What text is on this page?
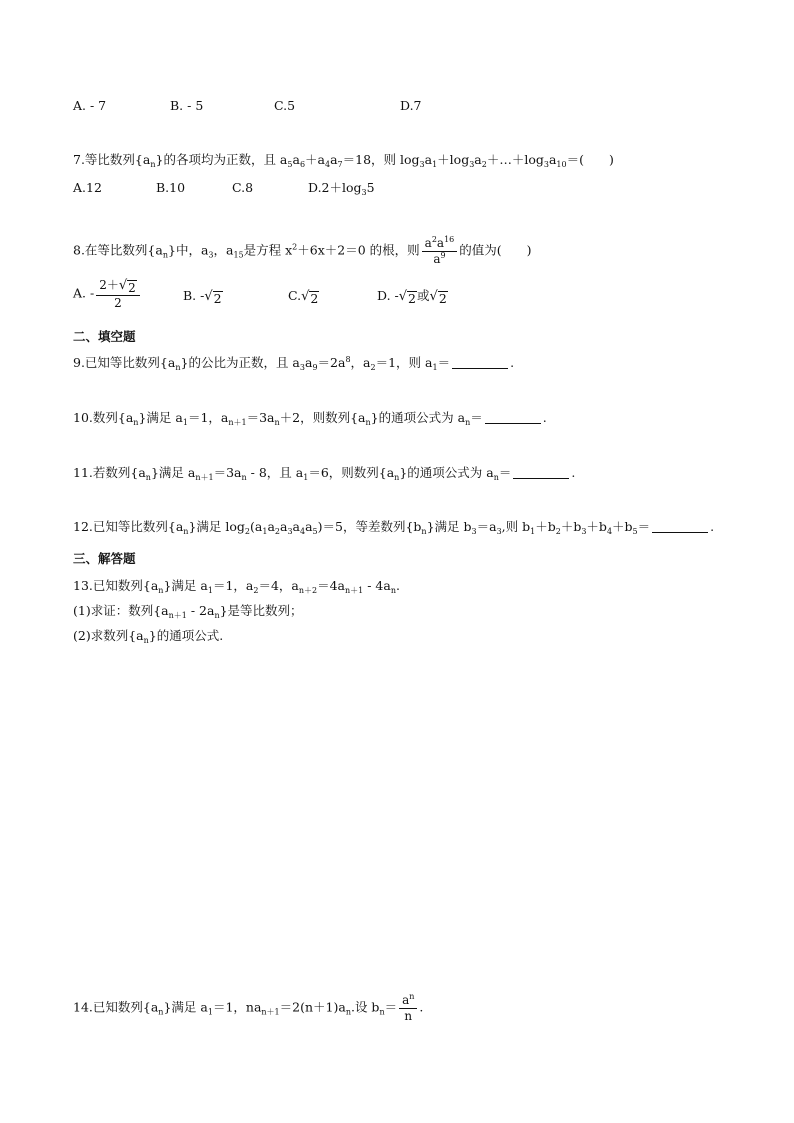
A. - 7	B. - 5	C.5	D.7
7.等比数列$\{a_n\}$的各项均为正数，且 $a_5a_6+a_4a_7=18$，则 $\log_3a_1+\log_3a_2+\dots+\log_3a_{10}=$(　　)
A.12	B.10	C.8	$D.2+\log_35$
8.在等比数列$\{a_n\}$中，$a_3$，$a_{15}$是方程 $x^2+6x+2=0$ 的根，则 $\frac{a^2a^{16}}{a^9}$ 的值为(　　)
A. - $\frac{2+ √ 2}{2}$	B. - √ 2	C. √ 2	D. - √ 2 或 √ 2
二、填空题
9.已知等比数列$\{a_n\}$的公比为正数，且 $a_3a_9=2a^8$，$a_2=1$，则 $a_1=$	.
10.数列$\{a_n\}$满足 $a_1=1$，$a_{n+1}=3a_n+2$，则数列$\{a_n\}$的通项公式为 $a_n=$	.
11.若数列$\{a_n\}$满足 $a_{n+1}=3a_n - 8$，且 $a_1=6$，则数列$\{a_n\}$的通项公式为 $a_n=$	.
12.已知等比数列$\{a_n\}$满足 $\log_2(a_1a_2a_3a_4a_5)=5$，等差数列$\{b_n\}$满足 $b_3=a_3$,则 $b_1+b_2+b_3+b_4+b_5=$	.
三、解答题
13.已知数列$\{a_n\}$满足 $a_1=1$，$a_2=4$，$a_{n+2}=4a_{n+1} - 4a_n$.
(1)求证：数列$\{a_{n+1} - 2a_n\}$是等比数列；
(2)求数列$\{a_n\}$的通项公式.
14.已知数列$\{a_n\}$满足 $a_1=1$，$na_{n+1}=2(n+1)a_n$.设 $b_n= \frac{a^n}{n}$ .
